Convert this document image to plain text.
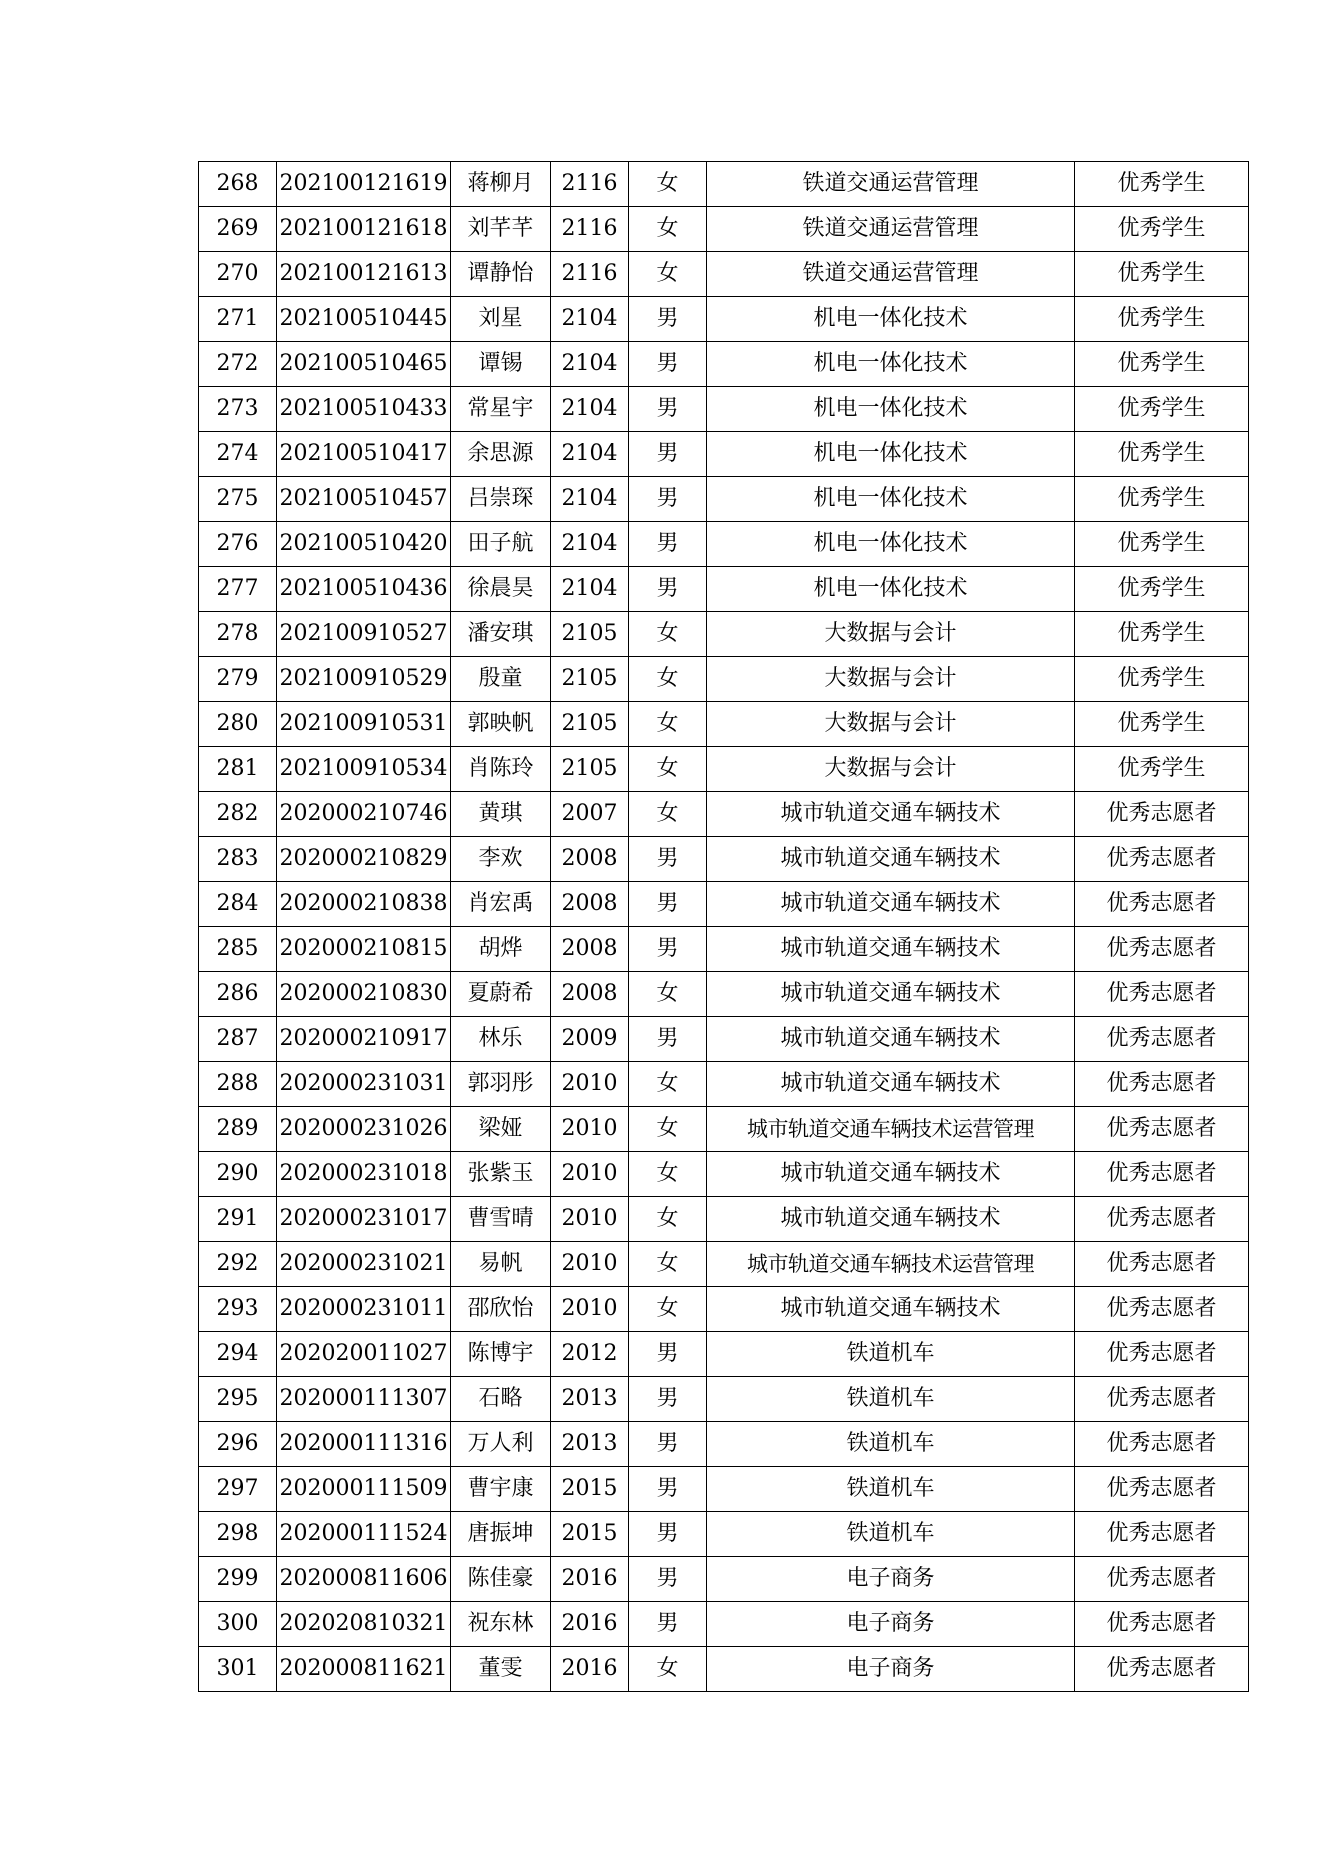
268	202100121619	蒋柳月	2116	女	铁道交通运营管理	优秀学生
269	202100121618	刘芊芊	2116	女	铁道交通运营管理	优秀学生
270	202100121613	谭静怡	2116	女	铁道交通运营管理	优秀学生
271	202100510445	刘星	2104	男	机电一体化技术	优秀学生
272	202100510465	谭锡	2104	男	机电一体化技术	优秀学生
273	202100510433	常星宇	2104	男	机电一体化技术	优秀学生
274	202100510417	余思源	2104	男	机电一体化技术	优秀学生
275	202100510457	吕崇琛	2104	男	机电一体化技术	优秀学生
276	202100510420	田子航	2104	男	机电一体化技术	优秀学生
277	202100510436	徐晨昊	2104	男	机电一体化技术	优秀学生
278	202100910527	潘安琪	2105	女	大数据与会计	优秀学生
279	202100910529	殷童	2105	女	大数据与会计	优秀学生
280	202100910531	郭映帆	2105	女	大数据与会计	优秀学生
281	202100910534	肖陈玲	2105	女	大数据与会计	优秀学生
282	202000210746	黄琪	2007	女	城市轨道交通车辆技术	优秀志愿者
283	202000210829	李欢	2008	男	城市轨道交通车辆技术	优秀志愿者
284	202000210838	肖宏禹	2008	男	城市轨道交通车辆技术	优秀志愿者
285	202000210815	胡烨	2008	男	城市轨道交通车辆技术	优秀志愿者
286	202000210830	夏蔚希	2008	女	城市轨道交通车辆技术	优秀志愿者
287	202000210917	林乐	2009	男	城市轨道交通车辆技术	优秀志愿者
288	202000231031	郭羽彤	2010	女	城市轨道交通车辆技术	优秀志愿者
289	202000231026	梁娅	2010	女	城市轨道交通车辆技术运营管理	优秀志愿者
290	202000231018	张紫玉	2010	女	城市轨道交通车辆技术	优秀志愿者
291	202000231017	曹雪晴	2010	女	城市轨道交通车辆技术	优秀志愿者
292	202000231021	易帆	2010	女	城市轨道交通车辆技术运营管理	优秀志愿者
293	202000231011	邵欣怡	2010	女	城市轨道交通车辆技术	优秀志愿者
294	202020011027	陈博宇	2012	男	铁道机车	优秀志愿者
295	202000111307	石略	2013	男	铁道机车	优秀志愿者
296	202000111316	万人利	2013	男	铁道机车	优秀志愿者
297	202000111509	曹宇康	2015	男	铁道机车	优秀志愿者
298	202000111524	唐振坤	2015	男	铁道机车	优秀志愿者
299	202000811606	陈佳豪	2016	男	电子商务	优秀志愿者
300	202020810321	祝东林	2016	男	电子商务	优秀志愿者
301	202000811621	董雯	2016	女	电子商务	优秀志愿者
